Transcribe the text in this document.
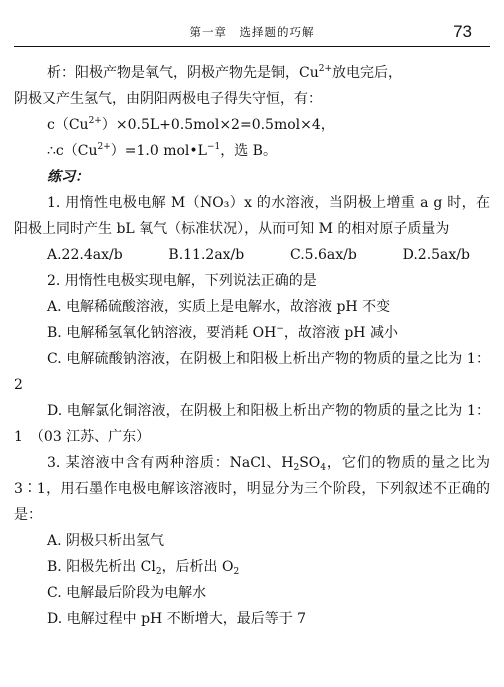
第一章　选择题的巧解	73

析：阳极产物是氧气，阴极产物先是铜，$Cu^{2+}$放电完后，

阴极又产生氢气，由阴阳两极电子得失守恒，有：

$c(Cu^{2+})\times 0.5L+0.5mol\times 2=0.5mol\times 4$，

$\therefore c(Cu^{2+})=1.0$ $mol•L^{-1}$，选 B。

练习：

1. 用惰性电极电解 M（NO₃）x 的水溶液，当阴极上增重 a g 时，在阳极上同时产生 bL 氧气（标准状况），从而可知 M 的相对原子质量为

A.22.4ax/b	B.11.2ax/b	C.5.6ax/b	D.2.5ax/b

2. 用惰性电极实现电解，下列说法正确的是

A. 电解稀硫酸溶液，实质上是电解水，故溶液 pH 不变

B. 电解稀氢氧化钠溶液，要消耗 OH−，故溶液 pH 减小

C. 电解硫酸钠溶液，在阴极上和阳极上析出产物的物质的量之比为 1：2

D. 电解氯化铜溶液，在阴极上和阳极上析出产物的物质的量之比为 1：1　（03 江苏、广东）

3. 某溶液中含有两种溶质：NaCl、$H_2SO_4$，它们的物质的量之比为 3∶1，用石墨作电极电解该溶液时，明显分为三个阶段，下列叙述不正确的是：

A. 阴极只析出氢气

B. 阳极先析出 $Cl_2$，后析出 $O_2$

C. 电解最后阶段为电解水

D. 电解过程中 pH 不断增大，最后等于 7
